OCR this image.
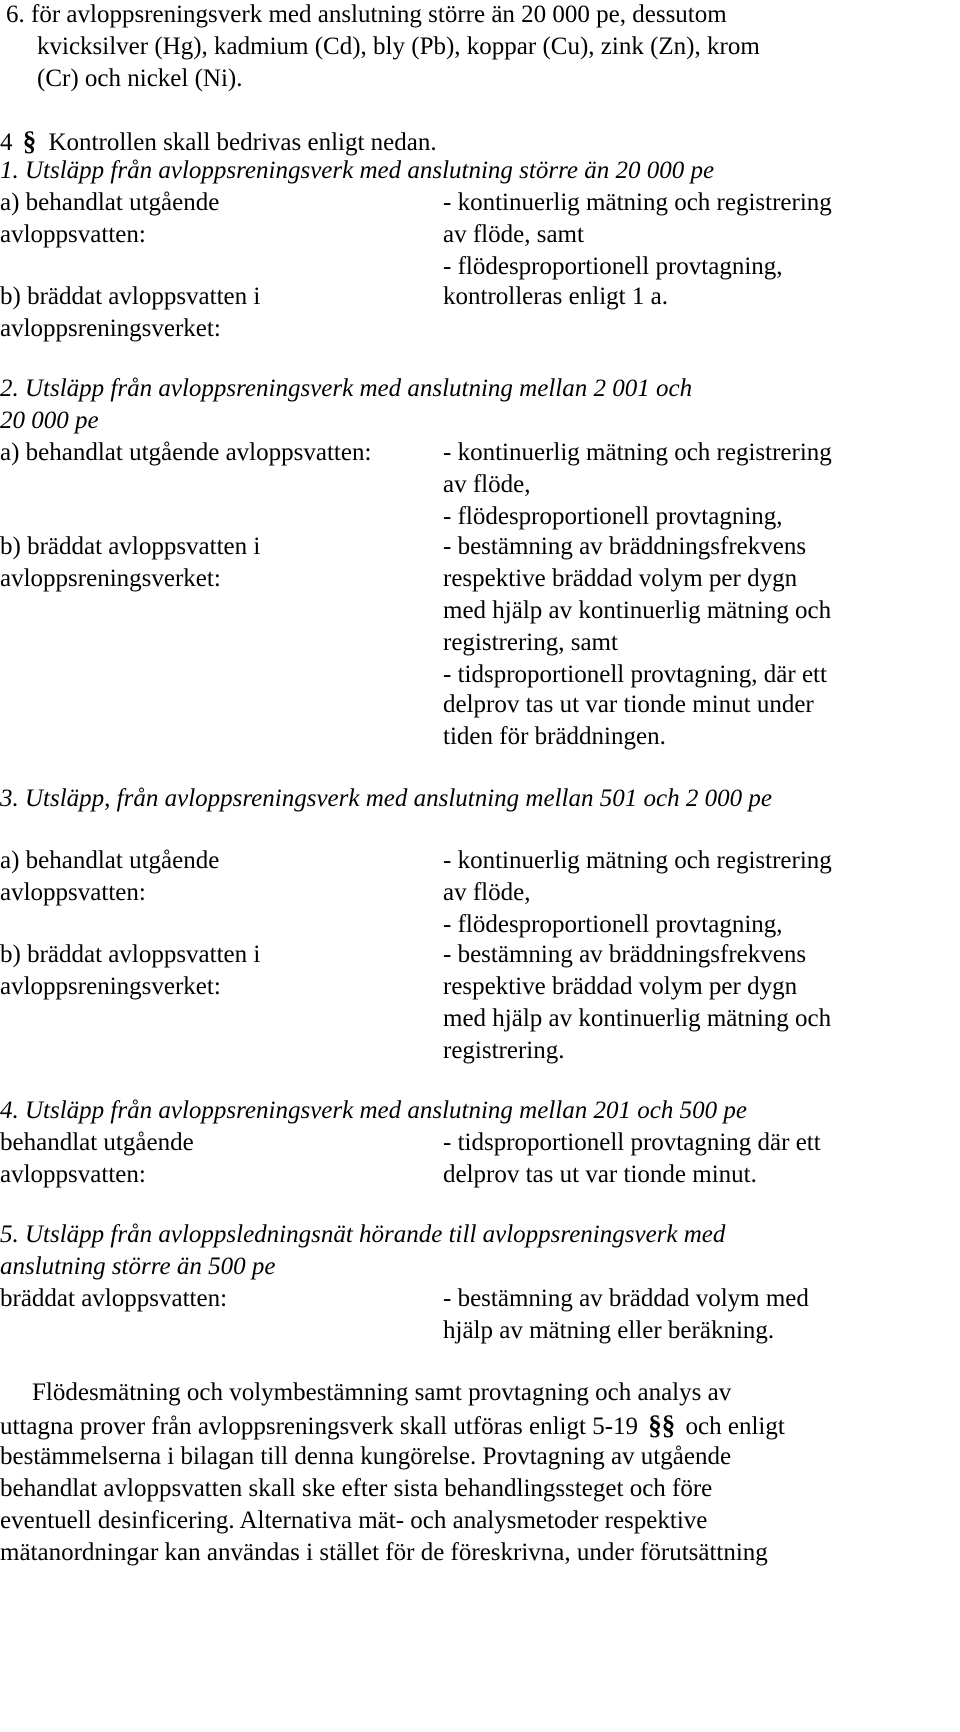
6. för avloppsreningsverk med anslutning större än 20 000 pe, dessutom
kvicksilver (Hg), kadmium (Cd), bly (Pb), koppar (Cu), zink (Zn), krom
(Cr) och nickel (Ni).
4 § Kontrollen skall bedrivas enligt nedan.
1. Utsläpp från avloppsreningsverk med anslutning större än 20 000 pe
a) behandlat utgående
avloppsvatten:
- kontinuerlig mätning och registrering
av flöde, samt
- flödesproportionell provtagning,
b) bräddat avloppsvatten i
avloppsreningsverket:
kontrolleras enligt 1 a.
2. Utsläpp från avloppsreningsverk med anslutning mellan 2 001 och
20 000 pe
a) behandlat utgående avloppsvatten:	- kontinuerlig mätning och registrering
av flöde,
- flödesproportionell provtagning,
b) bräddat avloppsvatten i
avloppsreningsverket:
- bestämning av bräddningsfrekvens
respektive bräddad volym per dygn
med hjälp av kontinuerlig mätning och
registrering, samt
- tidsproportionell provtagning, där ett
delprov tas ut var tionde minut under
tiden för bräddningen.
3. Utsläpp, från avloppsreningsverk med anslutning mellan 501 och 2 000 pe
a) behandlat utgående
avloppsvatten:
- kontinuerlig mätning och registrering
av flöde,
- flödesproportionell provtagning,
b) bräddat avloppsvatten i
avloppsreningsverket:
- bestämning av bräddningsfrekvens
respektive bräddad volym per dygn
med hjälp av kontinuerlig mätning och
registrering.
4. Utsläpp från avloppsreningsverk med anslutning mellan 201 och 500 pe
behandlat utgående
avloppsvatten:
- tidsproportionell provtagning där ett
delprov tas ut var tionde minut.
5. Utsläpp från avloppsledningsnät hörande till avloppsreningsverk med
anslutning större än 500 pe
bräddat avloppsvatten:	- bestämning av bräddad volym med
hjälp av mätning eller beräkning.
Flödesmätning och volymbestämning samt provtagning och analys av
uttagna prover från avloppsreningsverk skall utföras enligt 5-19 §§ och enligt
bestämmelserna i bilagan till denna kungörelse. Provtagning av utgående
behandlat avloppsvatten skall ske efter sista behandlingssteget och före
eventuell desinficering. Alternativa mät- och analysmetoder respektive
mätanordningar kan användas i stället för de föreskrivna, under förutsättning
